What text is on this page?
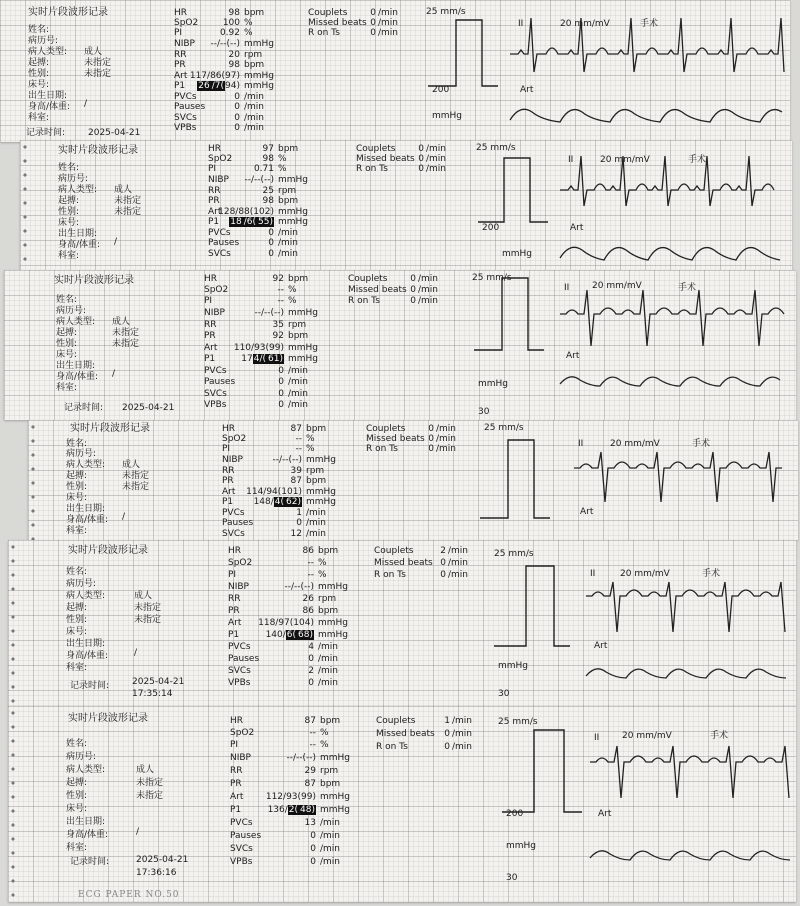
实时片段波形记录
姓名:
病历号:
病人类型: 成人
起搏:	未指定
性别:	未指定
床号:
出生日期:
身高/体重: /
科室:
记录时间:	2025-04-21
HR	98 bpm
SpO2	100 %
PI	0.92 %
NIBP --/--(--) mmHg
RR	20 rpm
PR	98 bpm
Art 117/86(97) mmHg
P1 26 /7(94) mmHg
PVCs	0 /min
Pauses	0 /min
SVCs	0 /min
VPBs	0 /min
Couplets	0 /min
Missed beats 0 /min
R on Ts	0 /min
25 mm/s
II	20 mm/mV	手术
Art
200
mmHg
实时片段波形记录
姓名:
病历号:
病人类型: 成人
起搏:	未指定
性别:	未指定
床号:
出生日期:
身高/体重: /
科室:
HR	97 bpm
SpO2	98 %
PI	0.71 %
NIBP --/--(--) mmHg
RR	25 rpm
PR	98 bpm
Art
128/88(102) mmHg
P1 18 /6( 55) mmHg
PVCs	0 /min
Pauses	0 /min
SVCs	0 /min
Couplets	0 /min
Missed beats 0 /min
R on Ts	0 /min
25 mm/s
II	20 mm/mV	手术
Art
200
mmHg
实时片段波形记录
姓名:
病历号:
病人类型: 成人
起搏:	未指定
性别:	未指定
床号:
出生日期:
身高/体重: /
科室:
记录时间: 2025-04-21
HR	92 bpm
SpO2	-- %
PI	-- %
NIBP	--/--(--) mmHg
RR	35 rpm
PR	92 bpm
Art 110/93(99) mmHg
P1	174/( 61) mmHg
PVCs	0 /min
Pauses	0 /min
SVCs	0 /min
VPBs	0 /min
Couplets	0 /min
Missed beats 0 /min
R on Ts	0 /min
25 mm/s
II	20 mm/mV	手术
Art
mmHg
30
实时片段波形记录
姓名:
病历号:
病人类型: 成人
起搏:	未指定
性别:	未指定
床号:
出生日期:
身高/体重: /
科室:
HR	87 bpm
SpO2	-- %
PI	-- %
NIBP	--/--(--) mmHg
RR	39 rpm
PR	87 bpm
Art 114/94(101) mmHg
P1 148/4( 62) mmHg
PVCs	1 /min
Pauses	0 /min
SVCs	12 /min
Couplets	0 /min
Missed beats 0 /min
R on Ts	0 /min
25 mm/s
II	20 mm/mV	手术
Art
实时片段波形记录
姓名:
病历号:
病人类型:	成人
起搏:	未指定
性别:	未指定
床号:
出生日期:
身高/体重:	/
科室:
记录时间:	2025-04-21
17:35:14
HR	86 bpm
SpO2	-- %
PI	-- %
NIBP	--/--(--) mmHg
RR	26 rpm
PR	86 bpm
Art 118/97(104) mmHg
P1	140/6( 68) mmHg
PVCs	4 /min
Pauses	0 /min
SVCs	2 /min
VPBs	0 /min
Couplets	2 /min
Missed beats 0 /min
R on Ts	0 /min
25 mm/s
II	20 mm/mV	手术
Art
mmHg
30
实时片段波形记录
姓名:
病历号:
病人类型:	成人
起搏:	未指定
性别:	未指定
床号:
出生日期:
身高/体重:	/
科室:
记录时间:	2025-04-21
17:36:16
ECG PAPER NO.50
HR	87 bpm
SpO2	-- %
PI	-- %
NIBP	--/--(--) mmHg
RR	29 rpm
PR	87 bpm
Art 112/93(99) mmHg
P1	136/2( 48) mmHg
PVCs	13 /min
Pauses	0 /min
SVCs	0 /min
VPBs	0 /min
Couplets	1 /min
Missed beats 0 /min
R on Ts	0 /min
25 mm/s
II	20 mm/mV	手术
Art
200
mmHg
30
